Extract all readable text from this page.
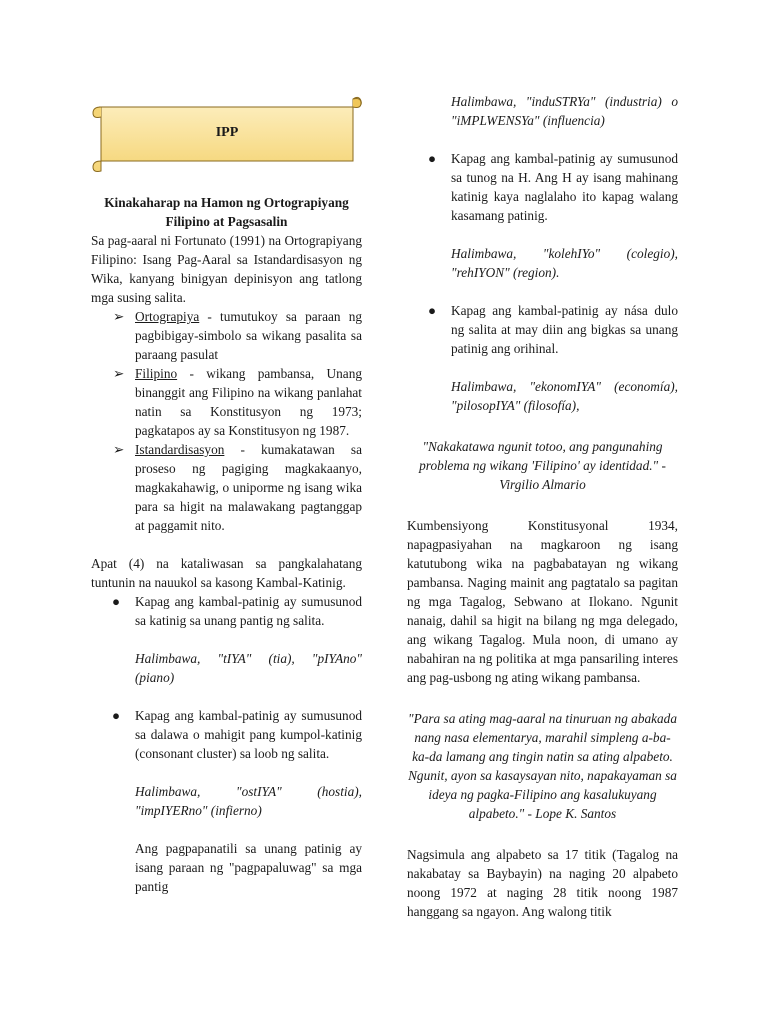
IPP
Kinakaharap na Hamon ng Ortograpiyang Filipino at Pagsasalin

Sa pag-aaral ni Fortunato (1991) na Ortograpiyang Filipino: Isang Pag-Aaral sa Istandardisasyon ng Wika, kanyang binigyan depinisyon ang tatlong mga susing salita.

➢ Ortograpiya - tumutukoy sa paraan ng pagbibigay-simbolo sa wikang pasalita sa paraang pasulat
➢ Filipino - wikang pambansa, Unang binanggit ang Filipino na wikang panlahat natin sa Konstitusyon ng 1973; pagkatapos ay sa Konstitusyon ng 1987.
➢ Istandardisasyon - kumakatawan sa proseso ng pagiging magkakaanyo, magkakahawig, o uniporme ng isang wika para sa higit na malawakang pagtanggap at paggamit nito.

Apat (4) na kataliwasan sa pangkalahatang tuntunin na nauukol sa kasong Kambal-Katinig.

● Kapag ang kambal-patinig ay sumusunod sa katinig sa unang pantig ng salita.

Halimbawa, "tIYA" (tia), "pIYAno" (piano)

● Kapag ang kambal-patinig ay sumusunod sa dalawa o mahigit pang kumpol-katinig (consonant cluster) sa loob ng salita.

Halimbawa, "ostIYA" (hostia), "impIYERno" (infierno)

Ang pagpapanatili sa unang patinig ay isang paraan ng "pagpapaluwag" sa mga pantig

Halimbawa, "induSTRYa" (industria) o "iMPLWENSYa" (influencia)

● Kapag ang kambal-patinig ay sumusunod sa tunog na H. Ang H ay isang mahinang katinig kaya naglalaho ito kapag walang kasamang patinig.

Halimbawa, "kolehIYo" (colegio), "rehIYON" (region).

● Kapag ang kambal-patinig ay nása dulo ng salita at may diin ang bigkas sa unang patinig ang orihinal.

Halimbawa, "ekonomIYA" (economía), "pilosopIYA" (filosofía),

"Nakakatawa ngunit totoo, ang pangunahing problema ng wikang 'Filipino' ay identidad." - Virgilio Almario

Kumbensiyong Konstitusyonal 1934, napagpasiyahan na magkaroon ng isang katutubong wika na pagbabatayan ng wikang pambansa. Naging mainit ang pagtatalo sa pagitan ng mga Tagalog, Sebwano at Ilokano. Ngunit nanaig, dahil sa higit na bilang ng mga delegado, ang wikang Tagalog. Mula noon, di umano ay nabahiran na ng politika at mga pansariling interes ang pag-usbong ng ating wikang pambansa.

"Para sa ating mag-aaral na tinuruan ng abakada nang nasa elementarya, marahil simpleng a-ba-ka-da lamang ang tingin natin sa ating alpabeto. Ngunit, ayon sa kasaysayan nito, napakayaman sa ideya ng pagka-Filipino ang kasalukuyang alpabeto." - Lope K. Santos

Nagsimula ang alpabeto sa 17 titik (Tagalog na nakabatay sa Baybayin) na naging 20 alpabeto noong 1972 at naging 28 titik noong 1987 hanggang sa ngayon. Ang walong titik
